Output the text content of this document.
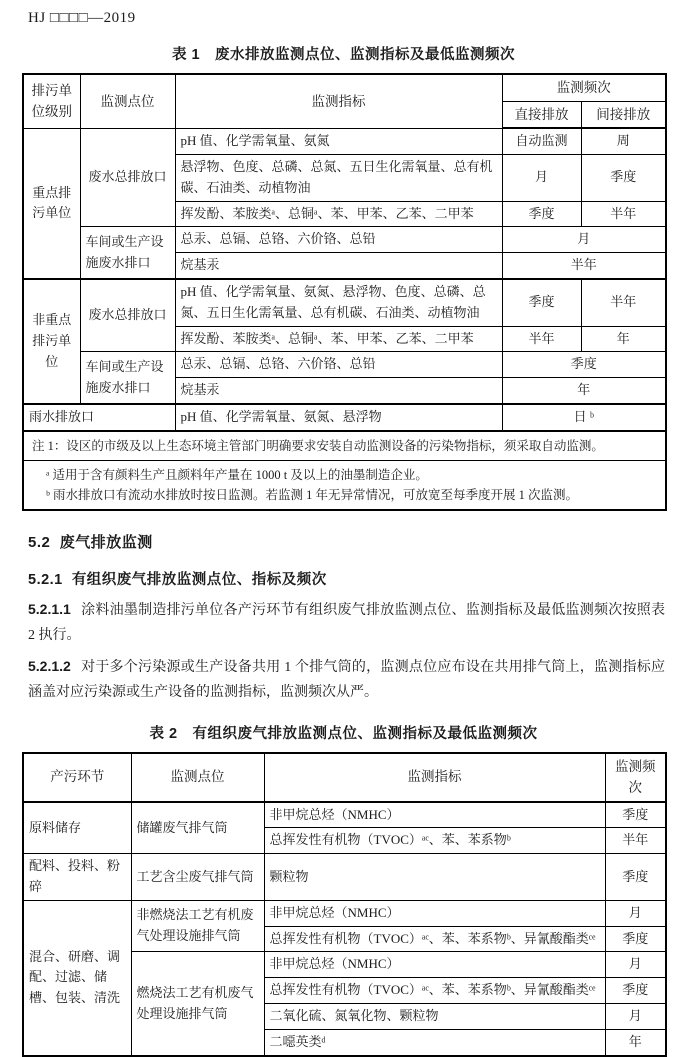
HJ □□□□—2019
表 1　废水排放监测点位、监测指标及最低监测频次
排污单位级别	监测点位	监测指标	监测频次	
			直接排放	间接排放
重点排污单位	废水总排放口	pH 值、化学需氧量、氨氮	自动监测	周
		悬浮物、色度、总磷、总氮、五日生化需氧量、总有机碳、石油类、动植物油	月	季度
		挥发酚、苯胺类ᵃ、总铜ᵃ、苯、甲苯、乙苯、二甲苯	季度	半年
	车间或生产设施废水排口	总汞、总镉、总铬、六价铬、总铅	月	
		烷基汞	半年	
非重点排污单位	废水总排放口	pH 值、化学需氧量、氨氮、悬浮物、色度、总磷、总氮、五日生化需氧量、总有机碳、石油类、动植物油	季度	半年
		挥发酚、苯胺类ᵃ、总铜ᵃ、苯、甲苯、乙苯、二甲苯	半年	年
	车间或生产设施废水排口	总汞、总镉、总铬、六价铬、总铅	季度	
		烷基汞	年	
雨水排放口		pH 值、化学需氧量、氨氮、悬浮物	日 ᵇ	
注 1：设区的市级及以上生态环境主管部门明确要求安装自动监测设备的污染物指标，须采取自动监测。				

ᵃ 适用于含有颜料生产且颜料年产量在 1000 t 及以上的油墨制造企业。
ᵇ 雨水排放口有流动水排放时按日监测。若监测 1 年无异常情况，可放宽至每季度开展 1 次监测。				
5.2 废气排放监测
5.2.1 有组织废气排放监测点位、指标及频次

5.2.1.1 涂料油墨制造排污单位各产污环节有组织废气排放监测点位、监测指标及最低监测频次按照表 2 执行。

5.2.1.2 对于多个污染源或生产设备共用 1 个排气筒的，监测点位应布设在共用排气筒上，监测指标应涵盖对应污染源或生产设备的监测指标，监测频次从严。

表 2　有组织废气排放监测点位、监测指标及最低监测频次
产污环节	监测点位	监测指标	监测频次
原料储存	储罐废气排气筒	非甲烷总烃（NMHC）	季度
		总挥发性有机物（TVOC）ᵃᶜ、苯、苯系物ᵇ	半年
配料、投料、粉碎	工艺含尘废气排气筒	颗粒物	季度
混合、研磨、调配、过滤、储槽、包装、清洗	非燃烧法工艺有机废气处理设施排气筒	非甲烷总烃（NMHC）	月
		总挥发性有机物（TVOC）ᵃᶜ、苯、苯系物ᵇ、异氰酸酯类ᶜᵉ	季度
	燃烧法工艺有机废气处理设施排气筒	非甲烷总烃（NMHC）	月
		总挥发性有机物（TVOC）ᵃᶜ、苯、苯系物ᵇ、异氰酸酯类ᶜᵉ	季度
		二氧化硫、氮氧化物、颗粒物	月
		二噁英类ᵈ	年
